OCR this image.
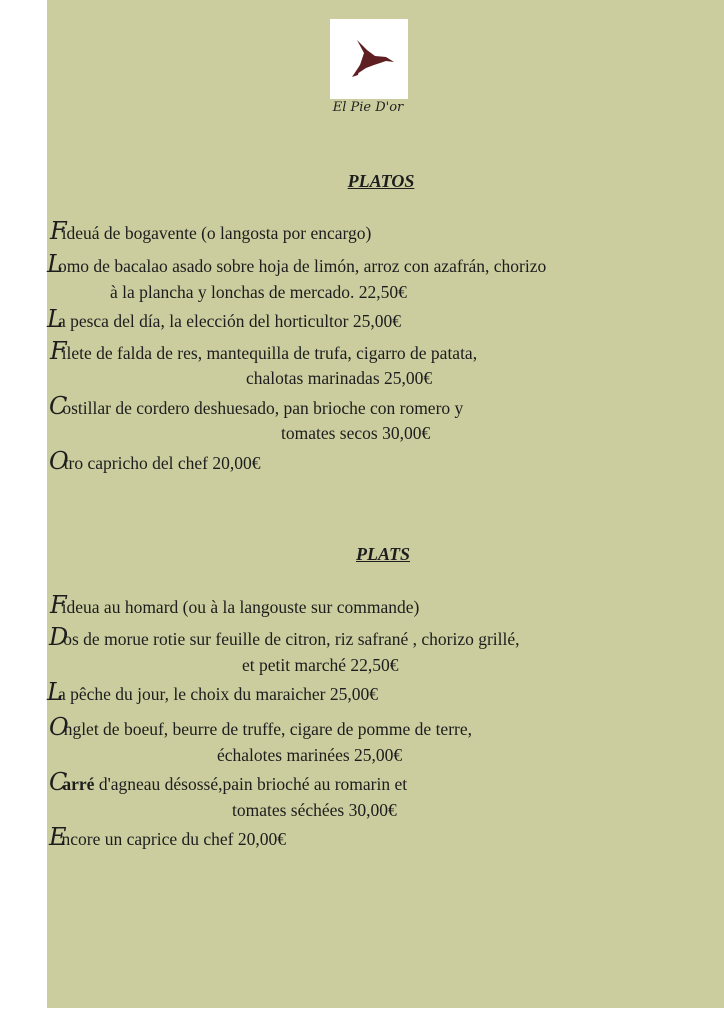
El Pie D'or
PLATOS
Fideuá de bogavente (o langosta por encargo)
Lomo de bacalao asado sobre hoja de limón, arroz con azafrán, chorizo
à la plancha y lonchas de mercado. 22,50€
La pesca del día, la elección del horticultor 25,00€
Filete de falda de res, mantequilla de trufa, cigarro de patata,
chalotas marinadas 25,00€
Costillar de cordero deshuesado, pan brioche con romero y
tomates secos 30,00€
Otro capricho del chef 20,00€
PLATS
Fideua au homard (ou à la langouste sur commande)
Dos de morue rotie sur feuille de citron, riz safrané , chorizo grillé,
et petit marché 22,50€
La pêche du jour, le choix du maraicher 25,00€
Onglet de boeuf, beurre de truffe, cigare de pomme de terre,
échalotes marinées 25,00€
Carré d'agneau désossé,pain brioché au romarin et
tomates séchées 30,00€
Encore un caprice du chef 20,00€
